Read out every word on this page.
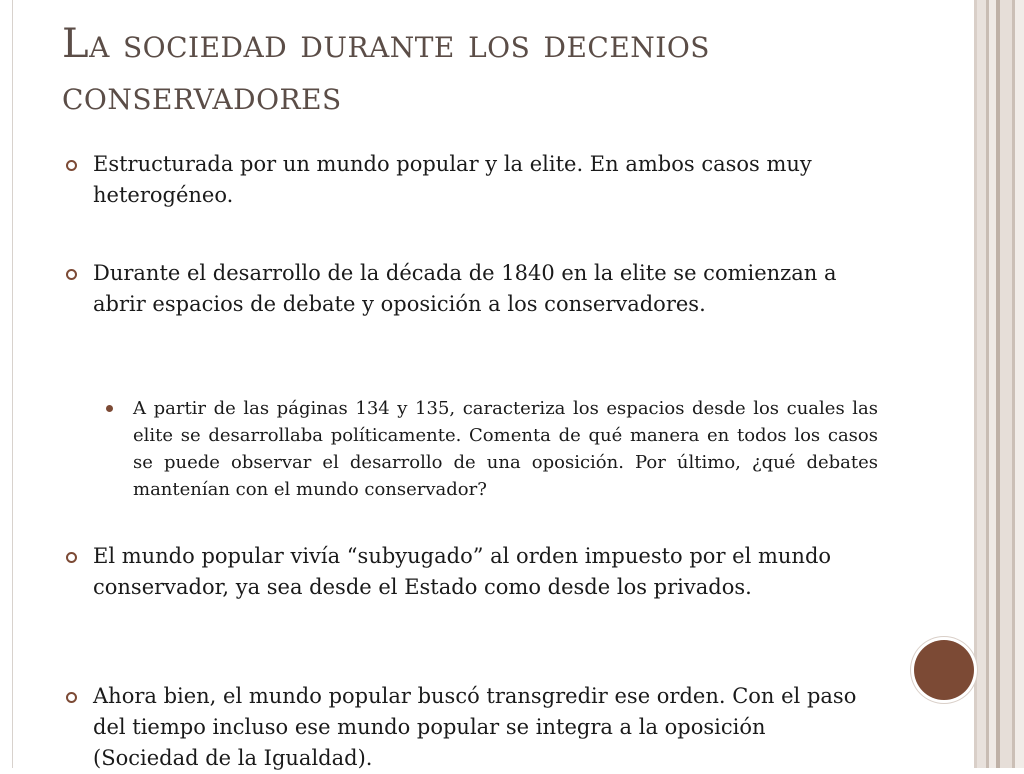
La sociedad durante los decenios conservadores
Estructurada por un mundo popular y la elite. En ambos casos muy heterogéneo.
Durante el desarrollo de la década de 1840 en la elite se comienzan a abrir espacios de debate y oposición a los conservadores.
A partir de las páginas 134 y 135, caracteriza los espacios desde los cuales las elite se desarrollaba políticamente. Comenta de qué manera en todos los casos se puede observar el desarrollo de una oposición. Por último, ¿qué debates mantenían con el mundo conservador?
El mundo popular vivía “subyugado” al orden impuesto por el mundo conservador, ya sea desde el Estado como desde los privados.
Ahora bien, el mundo popular buscó transgredir ese orden. Con el paso del tiempo incluso ese mundo popular se integra a la oposición (Sociedad de la Igualdad).
